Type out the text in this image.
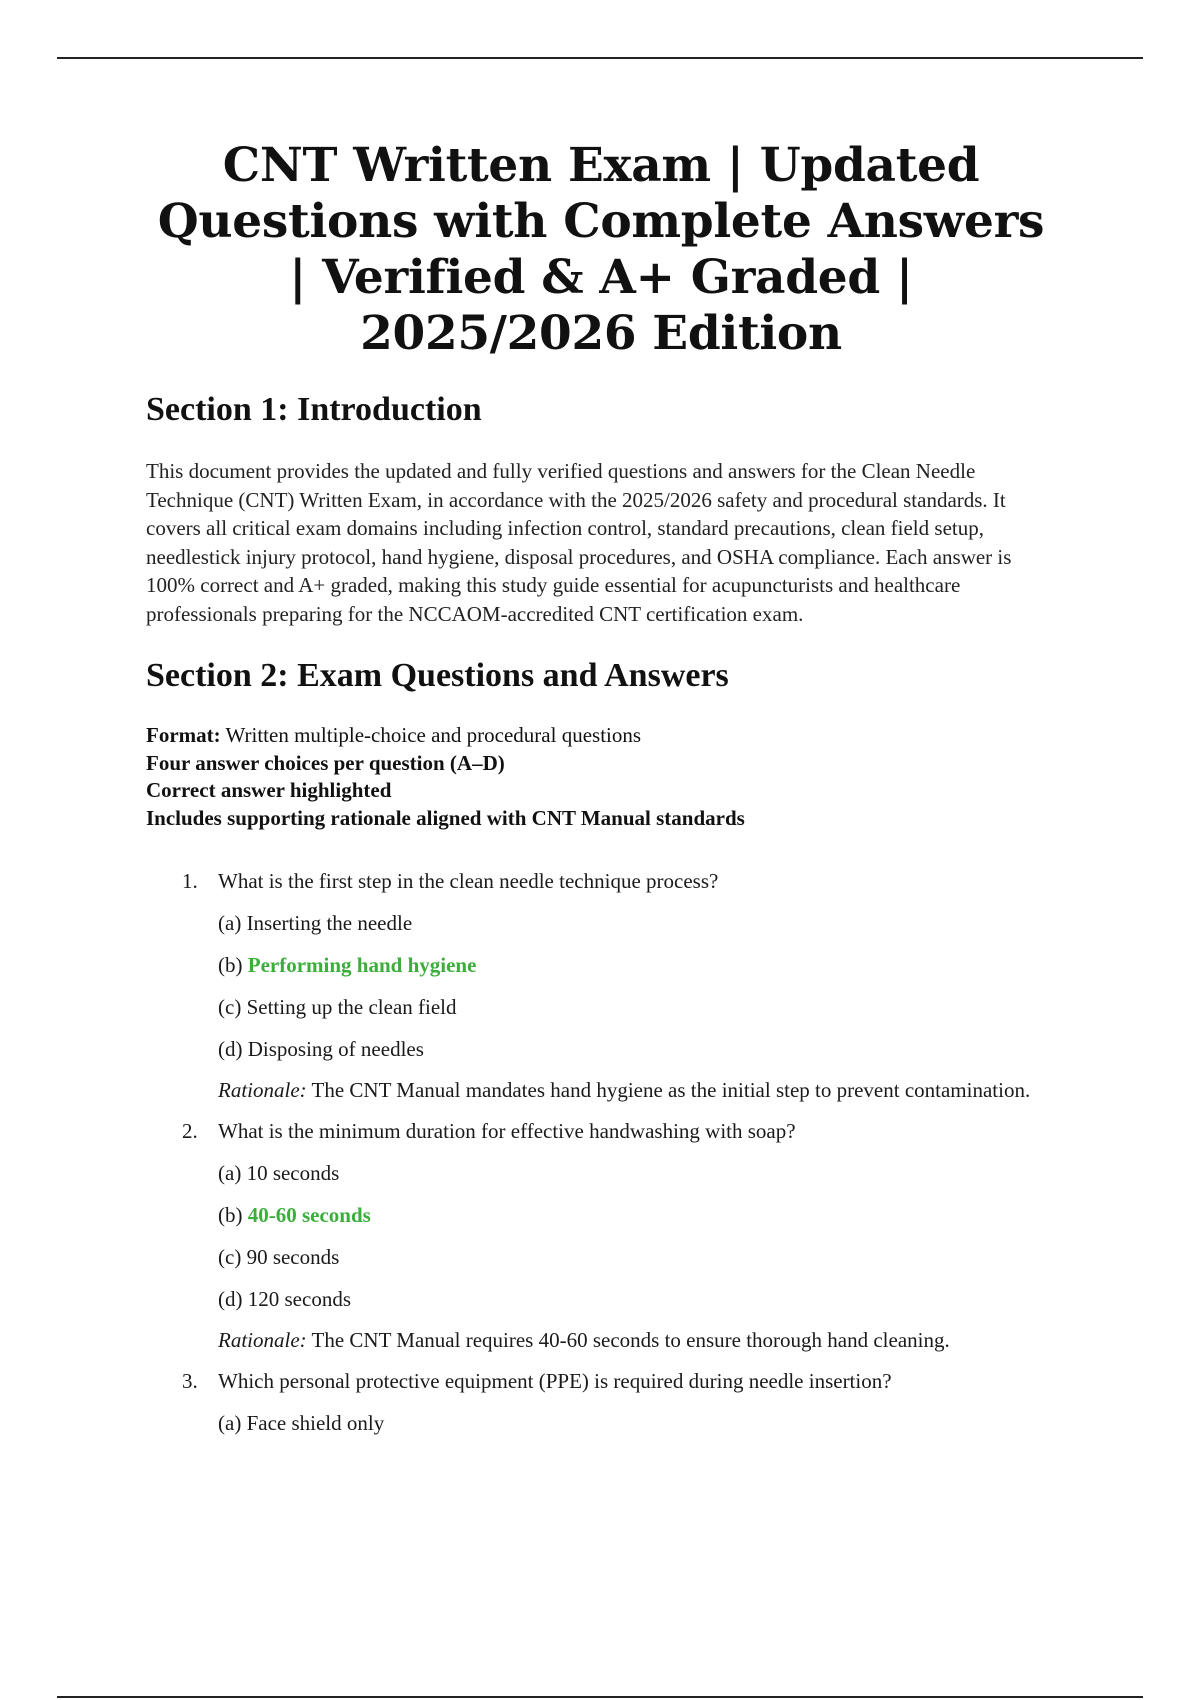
CNT Written Exam | Updated Questions with Complete Answers | Verified & A+ Graded | 2025/2026 Edition
Section 1: Introduction

This document provides the updated and fully verified questions and answers for the Clean Needle Technique (CNT) Written Exam, in accordance with the 2025/2026 safety and procedural standards. It covers all critical exam domains including infection control, standard precautions, clean field setup, needlestick injury protocol, hand hygiene, disposal procedures, and OSHA compliance. Each answer is 100% correct and A+ graded, making this study guide essential for acupuncturists and healthcare professionals preparing for the NCCAOM-accredited CNT certification exam.

Section 2: Exam Questions and Answers
Format: Written multiple-choice and procedural questions
Four answer choices per question (A–D)
Correct answer highlighted
Includes supporting rationale aligned with CNT Manual standards
1. What is the first step in the clean needle technique process?
(a) Inserting the needle
(b) Performing hand hygiene
(c) Setting up the clean field
(d) Disposing of needles
Rationale: The CNT Manual mandates hand hygiene as the initial step to prevent contamination.
2. What is the minimum duration for effective handwashing with soap?
(a) 10 seconds
(b) 40-60 seconds
(c) 90 seconds
(d) 120 seconds
Rationale: The CNT Manual requires 40-60 seconds to ensure thorough hand cleaning.
3. Which personal protective equipment (PPE) is required during needle insertion?
(a) Face shield only
